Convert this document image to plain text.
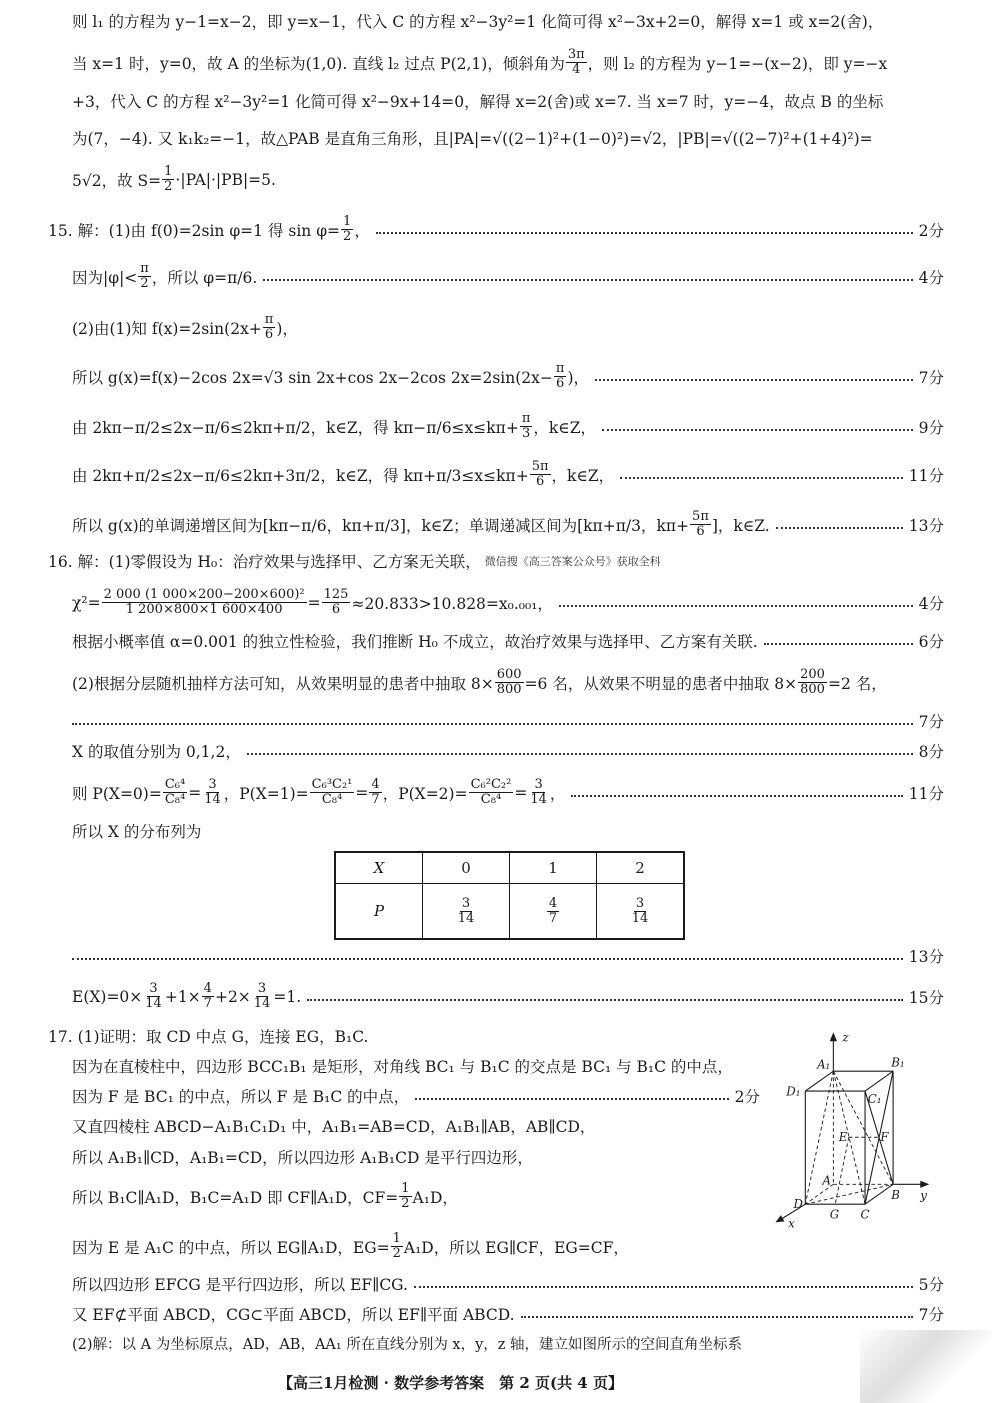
则 l₁ 的方程为 y−1=x−2，即 y=x−1，代入 C 的方程 x²−3y²=1 化简可得 x²−3x+2=0，解得 x=1 或 x=2(舍)，
当 x=1 时，y=0，故 A 的坐标为(1,0). 直线 l₂ 过点 P(2,1)，倾斜角为 $\frac{3\pi}{4}$ ，则 l₂ 的方程为 y−1=−(x−2)，即 y=−x
+3，代入 C 的方程 x²−3y²=1 化简可得 x²−9x+14=0，解得 x=2(舍)或 x=7. 当 x=7 时，y=−4，故点 B 的坐标
为(7，−4). 又 k₁k₂=−1，故△PAB 是直角三角形，且|PA|=√((2−1)²+(1−0)²)=√2，|PB|=√((2−7)²+(1+4)²)=
5√2，故 $S= \frac{1}{2} \cdot|PA|\cdot|PB|=5$.
15. 解：(1)由 f(0)=2sin φ=1 得 $\sin \varphi= \frac{1}{2}$ ，	2分
因为$|\varphi|< \frac{\pi}{2}$ ，所以 φ=π/6.	4分
(2)由(1)知 $f(x)=2\sin(2x+ \frac{\pi}{6}$ )，
所以 g(x)=f(x)−2cos 2x=√3 sin 2x+cos 2x−2cos $2x=2\sin(2x- \frac{\pi}{6}$ )，	7分
由 2kπ−π/2≤2x−π/6≤2kπ+π/2，k∈Z，得 $k\pi-\pi/6\le x\le k\pi+ \frac{\pi}{3}$ ，k∈Z，	9分
由 2kπ+π/2≤2x−π/6≤2kπ+3π/2，k∈Z，得 $k\pi+\pi/3\le x\le k\pi+ \frac{5\pi}{6}$ ，k∈Z，	11分
所以 g(x)的单调递增区间为[kπ−π/6，kπ+π/3]，k∈Z；单调递减区间为[kπ+π/3，$k\pi+ \frac{5\pi}{6}$ ]，k∈Z.	13分
16. 解：(1)零假设为 H₀：治疗效果与选择甲、乙方案无关联， 微信搜《高三答案公众号》获取全科
$\chi^2= \frac{\text{2 000 (1 000×200−200×600)²}}{1 200\times 800\times 1 600\times 400} = \frac{125}{6} \approx 20.833>10.828=x_0._{001}$，	4分
根据小概率值 α=0.001 的独立性检验，我们推断 H₀ 不成立，故治疗效果与选择甲、乙方案有关联.	6分
(2)根据分层随机抽样方法可知，从效果明显的患者中抽取 $8\times \frac{600}{800} =6$ 名，从效果不明显的患者中抽取 $8\times \frac{200}{800} =2$ 名，
7分
X 的取值分别为 0,1,2，	8分
则 $P(X=0)= \frac{\text{C₆⁴}}{\text{C₈⁴}} = \frac{3}{14}$ ，$P(X=1)= \frac{\text{C₆³C₂¹}}{\text{C₈⁴}} = \frac{4}{7}$ ，$P(X=2)= \frac{\text{C₆²C₂²}}{\text{C₈⁴}} = \frac{3}{14}$ ，	11分
所以 X 的分布列为
X	0	1	2
P	$\frac{3}{14}$	$\frac{4}{7}$	$\frac{3}{14}$
13分
$E(X)=0\times \frac{3}{14} +1\times \frac{4}{7} +2\times \frac{3}{14} =1$.	15分
17. (1)证明：取 CD 中点 G，连接 EG，B₁C.
因为在直棱柱中，四边形 BCC₁B₁ 是矩形，对角线 BC₁ 与 B₁C 的交点是 BC₁ 与 B₁C 的中点，
因为 F 是 BC₁ 的中点，所以 F 是 B₁C 的中点，	2分
又直四棱柱 ABCD−A₁B₁C₁D₁ 中，A₁B₁=AB=CD，A₁B₁∥AB，AB∥CD，
所以 A₁B₁∥CD，A₁B₁=CD，所以四边形 A₁B₁CD 是平行四边形，
所以 B₁C∥A₁D，B₁C=A₁D 即 CF∥A₁D，$CF= \frac{1}{2} A_1D$，
因为 E 是 A₁C 的中点，所以 EG∥A₁D，$EG= \frac{1}{2} A_1D$，所以 EG∥CF，EG=CF，
所以四边形 EFCG 是平行四边形，所以 EF∥CG.	5分
又 EF⊄平面 ABCD，CG⊂平面 ABCD，所以 EF∥平面 ABCD.	7分
(2)解：以 A 为坐标原点，AD，AB，AA₁ 所在直线分别为 x，y，z 轴，建立如图所示的空间直角坐标系
z
y
x
A₁	B₁
C₁
D₁
A
B
C
D
E	F
G
【高三1月检测 · 数学参考答案　第 2 页(共 4 页】
